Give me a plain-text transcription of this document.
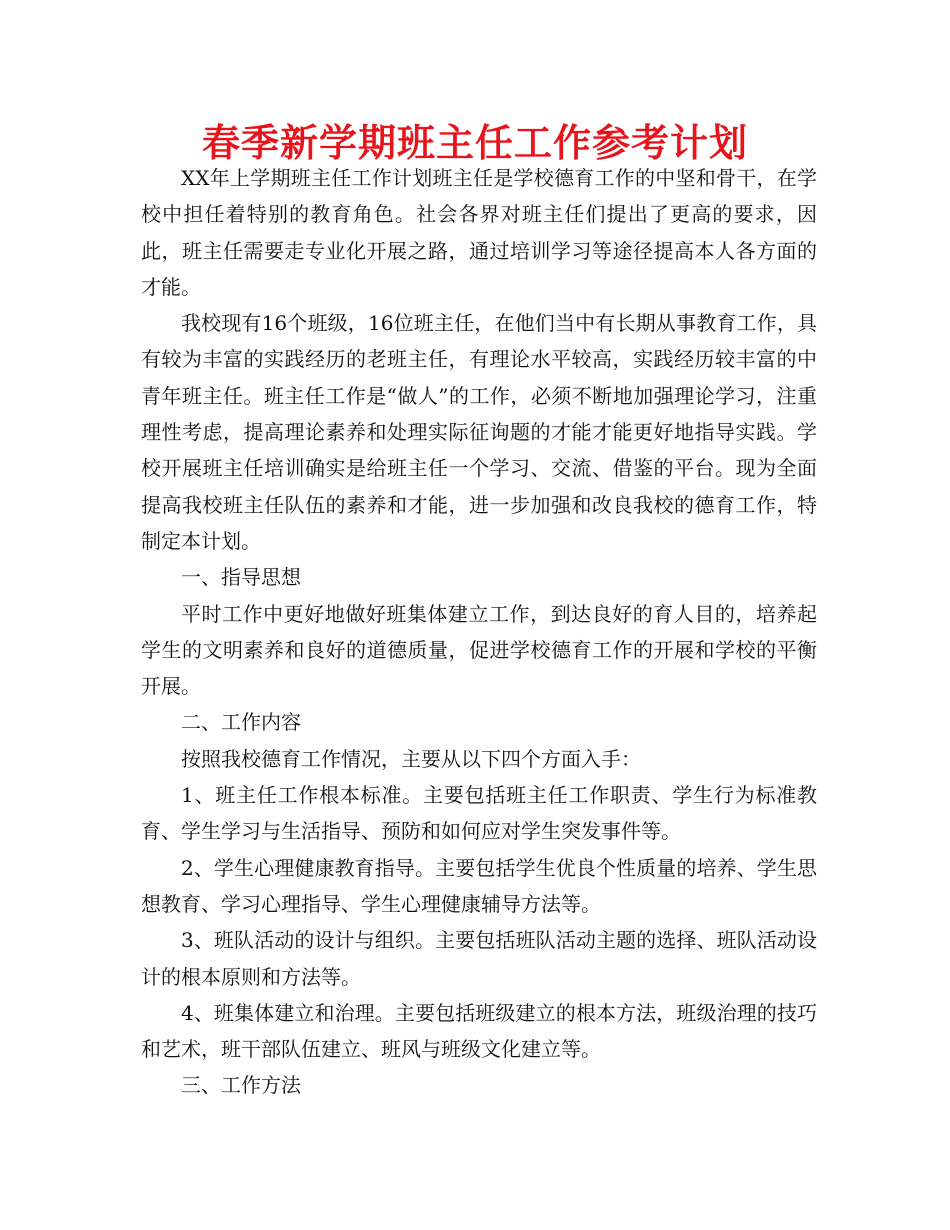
春季新学期班主任工作参考计划

XX年上学期班主任工作计划班主任是学校德育工作的中坚和骨干，在学校中担任着特别的教育角色。社会各界对班主任们提出了更高的要求，因此，班主任需要走专业化开展之路，通过培训学习等途径提高本人各方面的才能。

我校现有16个班级，16位班主任，在他们当中有长期从事教育工作，具有较为丰富的实践经历的老班主任，有理论水平较高，实践经历较丰富的中青年班主任。班主任工作是“做人”的工作，必须不断地加强理论学习，注重理性考虑，提高理论素养和处理实际征询题的才能才能更好地指导实践。学校开展班主任培训确实是给班主任一个学习、交流、借鉴的平台。现为全面提高我校班主任队伍的素养和才能，进一步加强和改良我校的德育工作，特制定本计划。

一、指导思想

平时工作中更好地做好班集体建立工作，到达良好的育人目的，培养起学生的文明素养和良好的道德质量，促进学校德育工作的开展和学校的平衡开展。

二、工作内容

按照我校德育工作情况，主要从以下四个方面入手：

1、班主任工作根本标准。主要包括班主任工作职责、学生行为标准教育、学生学习与生活指导、预防和如何应对学生突发事件等。

2、学生心理健康教育指导。主要包括学生优良个性质量的培养、学生思想教育、学习心理指导、学生心理健康辅导方法等。

3、班队活动的设计与组织。主要包括班队活动主题的选择、班队活动设计的根本原则和方法等。

4、班集体建立和治理。主要包括班级建立的根本方法，班级治理的技巧和艺术，班干部队伍建立、班风与班级文化建立等。

三、工作方法
